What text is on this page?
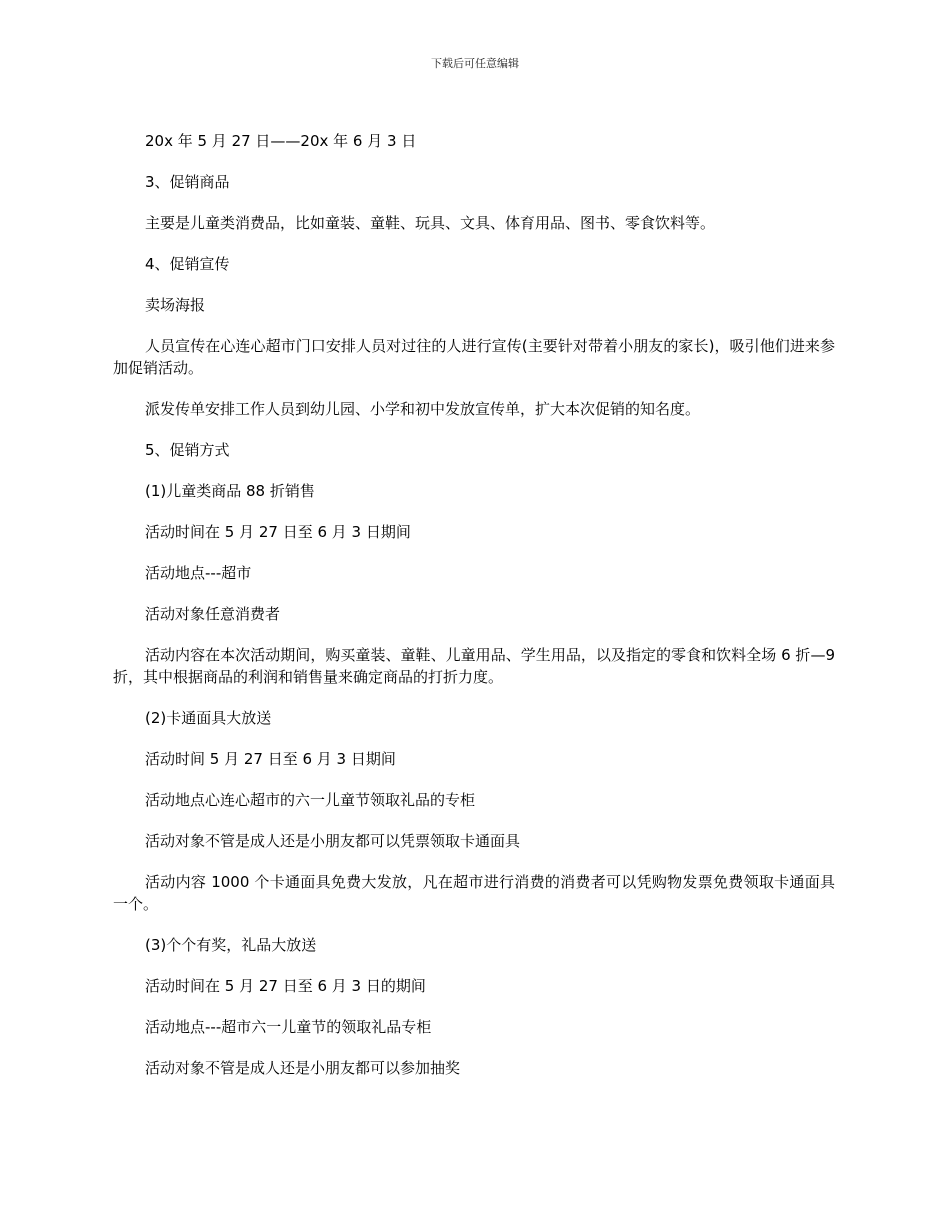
下载后可任意编辑

20x 年 5 月 27 日——20x 年 6 月 3 日

3、促销商品

主要是儿童类消费品，比如童装、童鞋、玩具、文具、体育用品、图书、零食饮料等。

4、促销宣传

卖场海报

人员宣传在心连心超市门口安排人员对过往的人进行宣传(主要针对带着小朋友的家长)，吸引他们进来参加促销活动。

派发传单安排工作人员到幼儿园、小学和初中发放宣传单，扩大本次促销的知名度。

5、促销方式

(1)儿童类商品 88 折销售

活动时间在 5 月 27 日至 6 月 3 日期间

活动地点---超市

活动对象任意消费者

活动内容在本次活动期间，购买童装、童鞋、儿童用品、学生用品，以及指定的零食和饮料全场 6 折—9 折，其中根据商品的利润和销售量来确定商品的打折力度。

(2)卡通面具大放送

活动时间 5 月 27 日至 6 月 3 日期间

活动地点心连心超市的六一儿童节领取礼品的专柜

活动对象不管是成人还是小朋友都可以凭票领取卡通面具

活动内容 1000 个卡通面具免费大发放，凡在超市进行消费的消费者可以凭购物发票免费领取卡通面具一个。

(3)个个有奖，礼品大放送

活动时间在 5 月 27 日至 6 月 3 日的期间

活动地点---超市六一儿童节的领取礼品专柜

活动对象不管是成人还是小朋友都可以参加抽奖
